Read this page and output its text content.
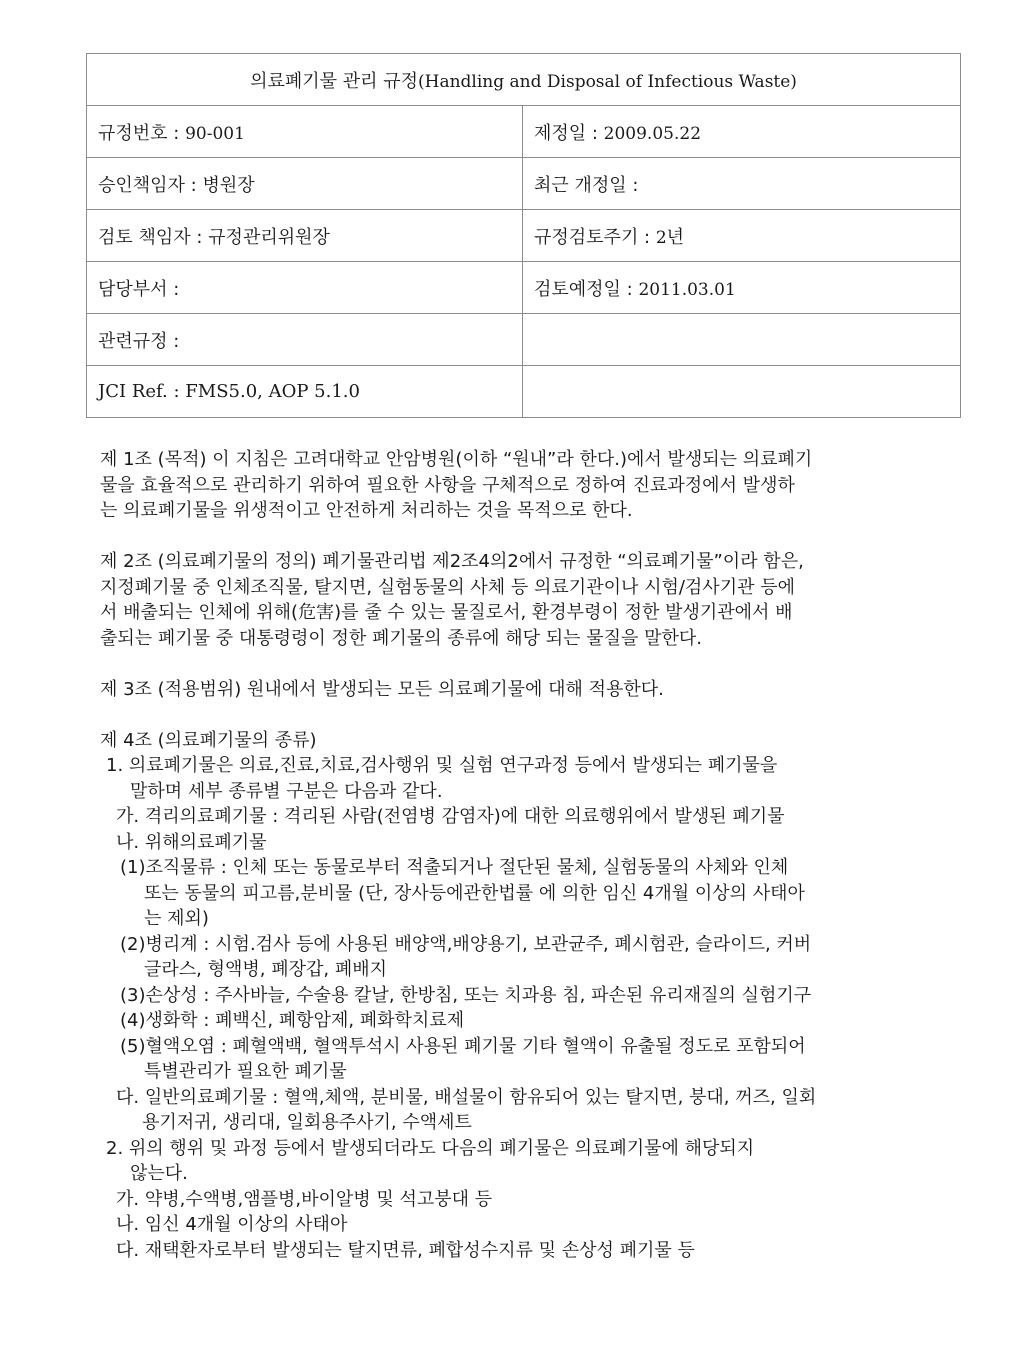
의료폐기물 관리 규정(Handling and Disposal of Infectious Waste)	
규정번호 : 90-001	제정일 : 2009.05.22
승인책임자 : 병원장	최근 개정일 :
검토 책임자 : 규정관리위원장	규정검토주기 : 2년
담당부서 :	검토예정일 : 2011.03.01
관련규정 :	
JCI Ref. : FMS5.0, AOP 5.1.0	

제 1조 (목적) 이 지침은 고려대학교 안암병원(이하 “원내”라 한다.)에서 발생되는 의료폐기

물을 효율적으로 관리하기 위하여 필요한 사항을 구체적으로 정하여 진료과정에서 발생하

는 의료폐기물을 위생적이고 안전하게 처리하는 것을 목적으로 한다.

제 2조 (의료폐기물의 정의) 폐기물관리법 제2조4의2에서 규정한 “의료폐기물”이라 함은,

지정폐기물 중 인체조직물, 탈지면, 실험동물의 사체 등 의료기관이나 시험/검사기관 등에

서 배출되는 인체에 위해(危害)를 줄 수 있는 물질로서, 환경부령이 정한 발생기관에서 배

출되는 폐기물 중 대통령령이 정한 폐기물의 종류에 해당 되는 물질을 말한다.

제 3조 (적용범위) 원내에서 발생되는 모든 의료폐기물에 대해 적용한다.

제 4조 (의료폐기물의 종류)

1. 의료폐기물은 의료,진료,치료,검사행위 및 실험 연구과정 등에서 발생되는 폐기물을

말하며 세부 종류별 구분은 다음과 같다.

가. 격리의료폐기물 : 격리된 사람(전염병 감염자)에 대한 의료행위에서 발생된 폐기물

나. 위해의료폐기물

(1)조직물류 : 인체 또는 동물로부터 적출되거나 절단된 물체, 실험동물의 사체와 인체

또는 동물의 피고름,분비물 (단, 장사등에관한법률 에 의한 임신 4개월 이상의 사태아

는 제외)

(2)병리계 : 시험.검사 등에 사용된 배양액,배양용기, 보관균주, 폐시험관, 슬라이드, 커버

글라스, 형액병, 폐장갑, 폐배지

(3)손상성 : 주사바늘, 수술용 칼날, 한방침, 또는 치과용 침, 파손된 유리재질의 실험기구

(4)생화학 : 폐백신, 폐항암제, 폐화학치료제

(5)혈액오염 : 폐혈액백, 혈액투석시 사용된 폐기물 기타 혈액이 유출될 정도로 포함되어

특별관리가 필요한 폐기물

다. 일반의료폐기물 : 혈액,체액, 분비물, 배설물이 함유되어 있는 탈지면, 붕대, 꺼즈, 일회

용기저귀, 생리대, 일회용주사기, 수액세트

2. 위의 행위 및 과정 등에서 발생되더라도 다음의 폐기물은 의료폐기물에 해당되지

않는다.

가. 약병,수액병,앰플병,바이알병 및 석고붕대 등

나. 임신 4개월 이상의 사태아

다. 재택환자로부터 발생되는 탈지면류, 폐합성수지류 및 손상성 폐기물 등
